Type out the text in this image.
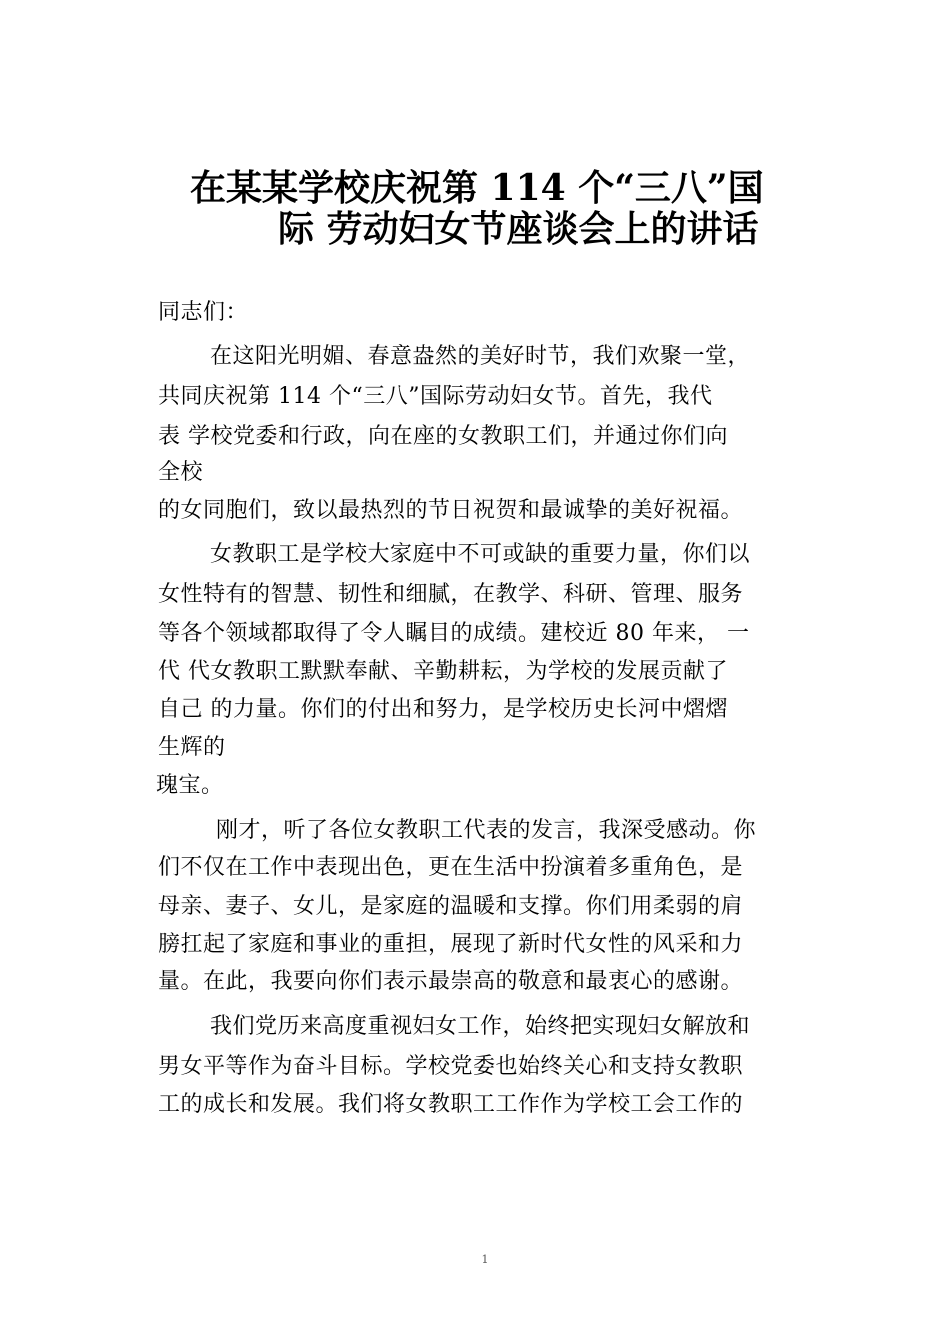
在某某学校庆祝第 114 个“三八”国
际 劳动妇女节座谈会上的讲话
同志们：
在这阳光明媚、春意盎然的美好时节，我们欢聚一堂，
共同庆祝第 114 个“三八”国际劳动妇女节。首先，我代
表 学校党委和行政，向在座的女教职工们，并通过你们向
全校
的女同胞们，致以最热烈的节日祝贺和最诚挚的美好祝福。
女教职工是学校大家庭中不可或缺的重要力量，你们以
女性特有的智慧、韧性和细腻，在教学、科研、管理、服务
等各个领域都取得了令人瞩目的成绩。建校近 80 年来， 一
代 代女教职工默默奉献、辛勤耕耘，为学校的发展贡献了
自己 的力量。你们的付出和努力，是学校历史长河中熠熠
生辉的
瑰宝。
刚才，听了各位女教职工代表的发言，我深受感动。你
们不仅在工作中表现出色，更在生活中扮演着多重角色，是
母亲、妻子、女儿，是家庭的温暖和支撑。你们用柔弱的肩
膀扛起了家庭和事业的重担，展现了新时代女性的风采和力
量。在此，我要向你们表示最崇高的敬意和最衷心的感谢。
我们党历来高度重视妇女工作，始终把实现妇女解放和
男女平等作为奋斗目标。学校党委也始终关心和支持女教职
工的成长和发展。我们将女教职工工作作为学校工会工作的
1
